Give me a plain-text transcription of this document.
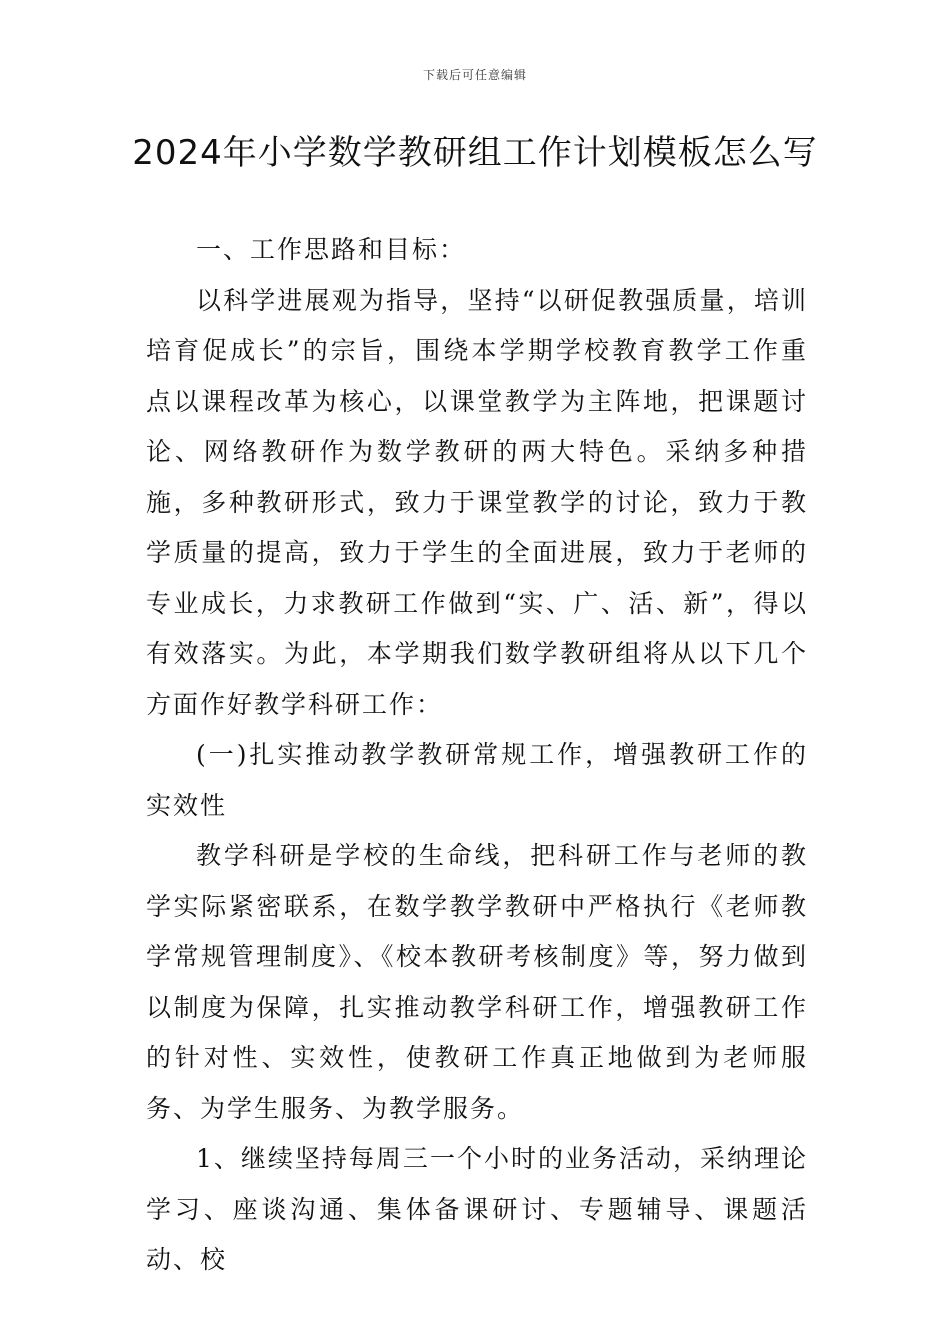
下载后可任意编辑
2024年小学数学教研组工作计划模板怎么写

一、工作思路和目标：

以科学进展观为指导，坚持“以研促教强质量，培训培育促成长”的宗旨，围绕本学期学校教育教学工作重点以课程改革为核心，以课堂教学为主阵地，把课题讨论、网络教研作为数学教研的两大特色。采纳多种措施，多种教研形式，致力于课堂教学的讨论，致力于教学质量的提高，致力于学生的全面进展，致力于老师的专业成长，力求教研工作做到“实、广、活、新”，得以有效落实。为此，本学期我们数学教研组将从以下几个方面作好教学科研工作：

(一)扎实推动教学教研常规工作，增强教研工作的实效性

教学科研是学校的生命线，把科研工作与老师的教学实际紧密联系，在数学教学教研中严格执行《老师教学常规管理制度》、《校本教研考核制度》等，努力做到以制度为保障，扎实推动教学科研工作，增强教研工作的针对性、实效性，使教研工作真正地做到为老师服务、为学生服务、为教学服务。

1、继续坚持每周三一个小时的业务活动，采纳理论学习、座谈沟通、集体备课研讨、专题辅导、课题活动、校
